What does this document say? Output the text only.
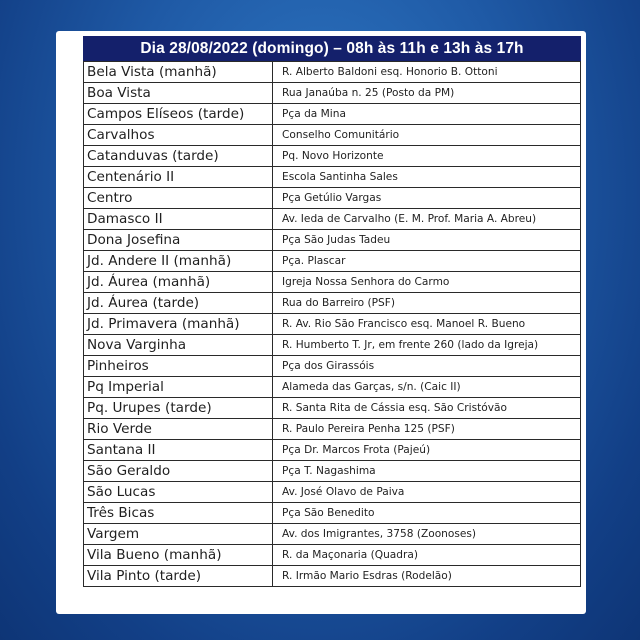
Dia 28/08/2022 (domingo) – 08h às 11h e 13h às 17h
Bela Vista (manhã)	R. Alberto Baldoni esq. Honorio B. Ottoni
Boa Vista	Rua Janaúba n. 25 (Posto da PM)
Campos Elíseos (tarde)	Pça da Mina
Carvalhos	Conselho Comunitário
Catanduvas (tarde)	Pq. Novo Horizonte
Centenário II	Escola Santinha Sales
Centro	Pça Getúlio Vargas
Damasco II	Av. Ieda de Carvalho (E. M. Prof. Maria A. Abreu)
Dona Josefina	Pça São Judas Tadeu
Jd. Andere II (manhã)	Pça. Plascar
Jd. Áurea (manhã)	Igreja Nossa Senhora do Carmo
Jd. Áurea (tarde)	Rua do Barreiro (PSF)
Jd. Primavera (manhã)	R. Av. Rio São Francisco esq. Manoel R. Bueno
Nova Varginha	R. Humberto T. Jr, em frente 260 (lado da Igreja)
Pinheiros	Pça dos Girassóis
Pq Imperial	Alameda das Garças, s/n. (Caic II)
Pq. Urupes (tarde)	R. Santa Rita de Cássia esq. São Cristóvão
Rio Verde	R. Paulo Pereira Penha 125 (PSF)
Santana II	Pça Dr. Marcos Frota (Pajeú)
São Geraldo	Pça T. Nagashima
São Lucas	Av. José Olavo de Paiva
Três Bicas	Pça São Benedito
Vargem	Av. dos Imigrantes, 3758 (Zoonoses)
Vila Bueno (manhã)	R. da Maçonaria (Quadra)
Vila Pinto (tarde)	R. Irmão Mario Esdras (Rodelão)
